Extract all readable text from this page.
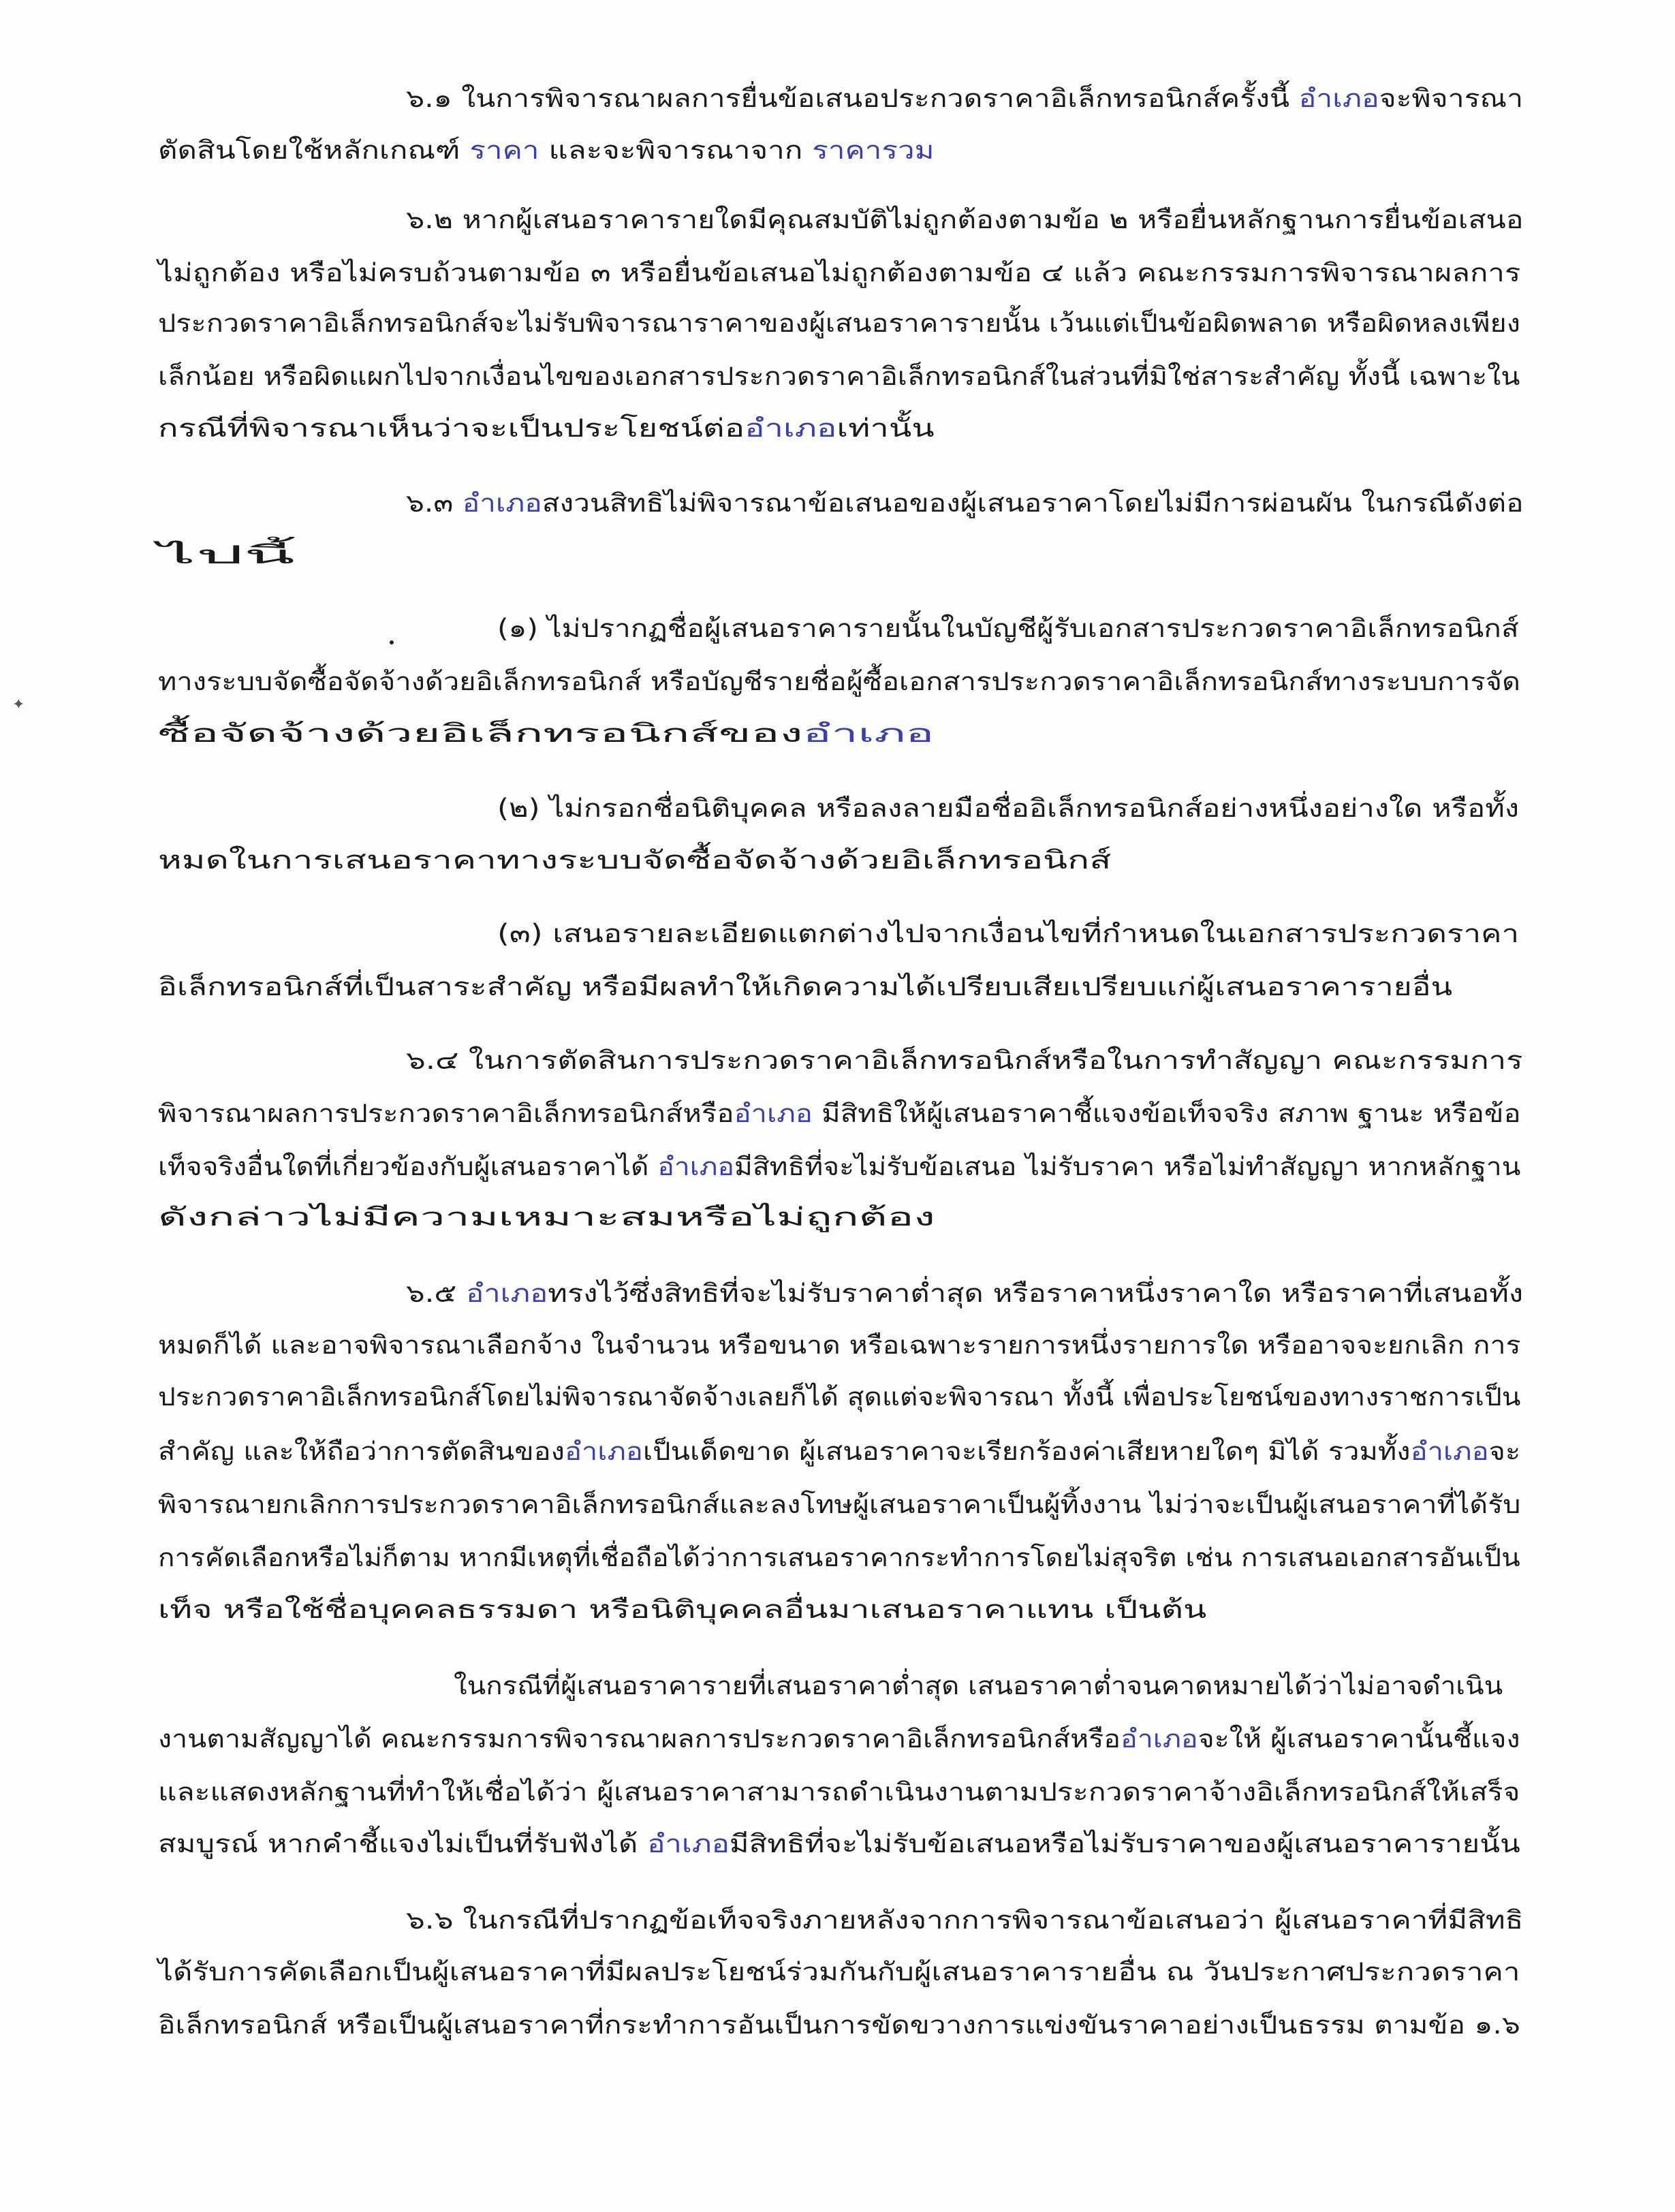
๖.๑ ในการพิจารณาผลการยื่นข้อเสนอประกวดราคาอิเล็กทรอนิกส์ครั้งนี้ อำเภอจะพิจารณา
ตัดสินโดยใช้หลักเกณฑ์ ราคา และจะพิจารณาจาก ราคารวม
๖.๒ หากผู้เสนอราคารายใดมีคุณสมบัติไม่ถูกต้องตามข้อ ๒ หรือยื่นหลักฐานการยื่นข้อเสนอ
ไม่ถูกต้อง หรือไม่ครบถ้วนตามข้อ ๓ หรือยื่นข้อเสนอไม่ถูกต้องตามข้อ ๔ แล้ว คณะกรรมการพิจารณาผลการ
ประกวดราคาอิเล็กทรอนิกส์จะไม่รับพิจารณาราคาของผู้เสนอราคารายนั้น เว้นแต่เป็นข้อผิดพลาด หรือผิดหลงเพียง
เล็กน้อย หรือผิดแผกไปจากเงื่อนไขของเอกสารประกวดราคาอิเล็กทรอนิกส์ในส่วนที่มิใช่สาระสำคัญ ทั้งนี้ เฉพาะใน
กรณีที่พิจารณาเห็นว่าจะเป็นประโยชน์ต่ออำเภอเท่านั้น
๖.๓ อำเภอสงวนสิทธิไม่พิจารณาข้อเสนอของผู้เสนอราคาโดยไม่มีการผ่อนผัน ในกรณีดังต่อ
ไปนี้
(๑) ไม่ปรากฏชื่อผู้เสนอราคารายนั้นในบัญชีผู้รับเอกสารประกวดราคาอิเล็กทรอนิกส์
ทางระบบจัดซื้อจัดจ้างด้วยอิเล็กทรอนิกส์ หรือบัญชีรายชื่อผู้ซื้อเอกสารประกวดราคาอิเล็กทรอนิกส์ทางระบบการจัด
ซื้อจัดจ้างด้วยอิเล็กทรอนิกส์ของอำเภอ
(๒) ไม่กรอกชื่อนิติบุคคล หรือลงลายมือชื่ออิเล็กทรอนิกส์อย่างหนึ่งอย่างใด หรือทั้ง
หมดในการเสนอราคาทางระบบจัดซื้อจัดจ้างด้วยอิเล็กทรอนิกส์
(๓) เสนอรายละเอียดแตกต่างไปจากเงื่อนไขที่กำหนดในเอกสารประกวดราคา
อิเล็กทรอนิกส์ที่เป็นสาระสำคัญ หรือมีผลทำให้เกิดความได้เปรียบเสียเปรียบแก่ผู้เสนอราคารายอื่น
๖.๔ ในการตัดสินการประกวดราคาอิเล็กทรอนิกส์หรือในการทำสัญญา คณะกรรมการ
พิจารณาผลการประกวดราคาอิเล็กทรอนิกส์หรืออำเภอ มีสิทธิให้ผู้เสนอราคาชี้แจงข้อเท็จจริง สภาพ ฐานะ หรือข้อ
เท็จจริงอื่นใดที่เกี่ยวข้องกับผู้เสนอราคาได้ อำเภอมีสิทธิที่จะไม่รับข้อเสนอ ไม่รับราคา หรือไม่ทำสัญญา หากหลักฐาน
ดังกล่าวไม่มีความเหมาะสมหรือไม่ถูกต้อง
๖.๕ อำเภอทรงไว้ซึ่งสิทธิที่จะไม่รับราคาต่ำสุด หรือราคาหนึ่งราคาใด หรือราคาที่เสนอทั้ง
หมดก็ได้ และอาจพิจารณาเลือกจ้าง ในจำนวน หรือขนาด หรือเฉพาะรายการหนึ่งรายการใด หรืออาจจะยกเลิก การ
ประกวดราคาอิเล็กทรอนิกส์โดยไม่พิจารณาจัดจ้างเลยก็ได้ สุดแต่จะพิจารณา ทั้งนี้ เพื่อประโยชน์ของทางราชการเป็น
สำคัญ และให้ถือว่าการตัดสินของอำเภอเป็นเด็ดขาด ผู้เสนอราคาจะเรียกร้องค่าเสียหายใดๆ มิได้ รวมทั้งอำเภอจะ
พิจารณายกเลิกการประกวดราคาอิเล็กทรอนิกส์และลงโทษผู้เสนอราคาเป็นผู้ทิ้งงาน ไม่ว่าจะเป็นผู้เสนอราคาที่ได้รับ
การคัดเลือกหรือไม่ก็ตาม หากมีเหตุที่เชื่อถือได้ว่าการเสนอราคากระทำการโดยไม่สุจริต เช่น การเสนอเอกสารอันเป็น
เท็จ หรือใช้ชื่อบุคคลธรรมดา หรือนิติบุคคลอื่นมาเสนอราคาแทน เป็นต้น
ในกรณีที่ผู้เสนอราคารายที่เสนอราคาต่ำสุด เสนอราคาต่ำจนคาดหมายได้ว่าไม่อาจดำเนิน
งานตามสัญญาได้ คณะกรรมการพิจารณาผลการประกวดราคาอิเล็กทรอนิกส์หรืออำเภอจะให้ ผู้เสนอราคานั้นชี้แจง
และแสดงหลักฐานที่ทำให้เชื่อได้ว่า ผู้เสนอราคาสามารถดำเนินงานตามประกวดราคาจ้างอิเล็กทรอนิกส์ให้เสร็จ
สมบูรณ์ หากคำชี้แจงไม่เป็นที่รับฟังได้ อำเภอมีสิทธิที่จะไม่รับข้อเสนอหรือไม่รับราคาของผู้เสนอราคารายนั้น
๖.๖ ในกรณีที่ปรากฏข้อเท็จจริงภายหลังจากการพิจารณาข้อเสนอว่า ผู้เสนอราคาที่มีสิทธิ
ได้รับการคัดเลือกเป็นผู้เสนอราคาที่มีผลประโยชน์ร่วมกันกับผู้เสนอราคารายอื่น ณ วันประกาศประกวดราคา
อิเล็กทรอนิกส์ หรือเป็นผู้เสนอราคาที่กระทำการอันเป็นการขัดขวางการแข่งขันราคาอย่างเป็นธรรม ตามข้อ ๑.๖
✦
